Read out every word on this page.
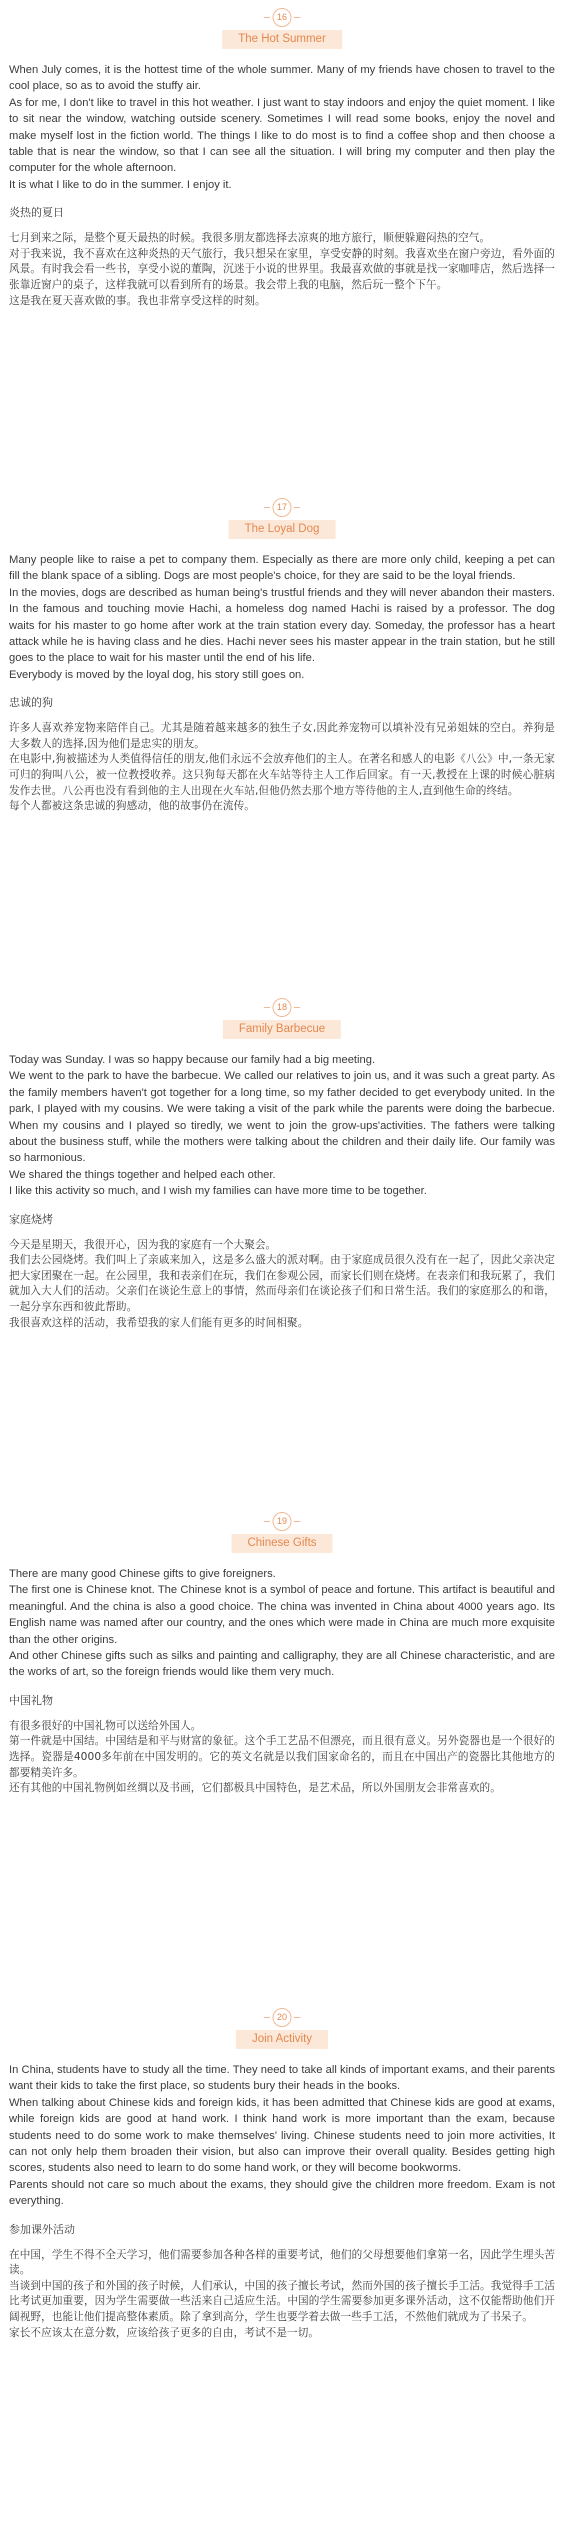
16
The Hot Summer

When July comes, it is the hottest time of the whole summer. Many of my friends have chosen to travel to the cool place, so as to avoid the stuffy air.

As for me, I don't like to travel in this hot weather. I just want to stay indoors and enjoy the quiet moment. I like to sit near the window, watching outside scenery. Sometimes I will read some books, enjoy the novel and make myself lost in the fiction world. The things I like to do most is to find a coffee shop and then choose a table that is near the window, so that I can see all the situation. I will bring my computer and then play the computer for the whole afternoon.

It is what I like to do in the summer. I enjoy it.

炎热的夏日

七月到来之际，是整个夏天最热的时候。我很多朋友都选择去凉爽的地方旅行，顺便躲避闷热的空气。

对于我来说，我不喜欢在这种炎热的天气旅行，我只想呆在家里，享受安静的时刻。我喜欢坐在窗户旁边，看外面的风景。有时我会看一些书，享受小说的董陶，沉迷于小说的世界里。我最喜欢做的事就是找一家咖啡店，然后选择一张靠近窗户的桌子，这样我就可以看到所有的场景。我会带上我的电脑，然后玩一整个下午。

这是我在夏天喜欢做的事。我也非常享受这样的时刻。

17
The Loyal Dog

Many people like to raise a pet to company them. Especially as there are more only child, keeping a pet can fill the blank space of a sibling. Dogs are most people's choice, for they are said to be the loyal friends.

In the movies, dogs are described as human being's trustful friends and they will never abandon their masters. In the famous and touching movie Hachi, a homeless dog named Hachi is raised by a professor. The dog waits for his master to go home after work at the train station every day. Someday, the professor has a heart attack while he is having class and he dies. Hachi never sees his master appear in the train station, but he still goes to the place to wait for his master until the end of his life.

Everybody is moved by the loyal dog, his story still goes on.

忠诚的狗

许多人喜欢养宠物来陪伴自己。尤其是随着越来越多的独生子女,因此养宠物可以填补没有兄弟姐妹的空白。养狗是大多数人的选择,因为他们是忠实的朋友。

在电影中,狗被描述为人类值得信任的朋友,他们永远不会放弃他们的主人。在著名和感人的电影《八公》中,一条无家可归的狗叫八公，被一位教授收养。这只狗每天都在火车站等待主人工作后回家。有一天,教授在上课的时候心脏病发作去世。八公再也没有看到他的主人出现在火车站,但他仍然去那个地方等待他的主人,直到他生命的终结。

每个人都被这条忠诚的狗感动，他的故事仍在流传。

18
Family Barbecue

Today was Sunday. I was so happy because our family had a big meeting.

We went to the park to have the barbecue. We called our relatives to join us, and it was such a great party. As the family members haven't got together for a long time, so my father decided to get everybody united. In the park, I played with my cousins. We were taking a visit of the park while the parents were doing the barbecue. When my cousins and I played so tiredly, we went to join the grow-ups'activities. The fathers were talking about the business stuff, while the mothers were talking about the children and their daily life. Our family was so harmonious.

We shared the things together and helped each other.

I like this activity so much, and I wish my families can have more time to be together.

家庭烧烤

今天是星期天，我很开心，因为我的家庭有一个大聚会。

我们去公园烧烤。我们叫上了亲戚来加入，这是多么盛大的派对啊。由于家庭成员很久没有在一起了，因此父亲决定把大家团聚在一起。在公园里，我和表亲们在玩，我们在参观公园，而家长们则在烧烤。在表亲们和我玩累了，我们就加入大人们的活动。父亲们在谈论生意上的事情，然而母亲们在谈论孩子们和日常生活。我们的家庭那么的和谐，一起分享东西和彼此帮助。

我很喜欢这样的活动，我希望我的家人们能有更多的时间相聚。

19
Chinese Gifts

There are many good Chinese gifts to give foreigners.

The first one is Chinese knot. The Chinese knot is a symbol of peace and fortune. This artifact is beautiful and meaningful. And the china is also a good choice. The china was invented in China about 4000 years ago. Its English name was named after our country, and the ones which were made in China are much more exquisite than the other origins.

And other Chinese gifts such as silks and painting and calligraphy, they are all Chinese characteristic, and are the works of art, so the foreign friends would like them very much.

中国礼物

有很多很好的中国礼物可以送给外国人。

第一件就是中国结。中国结是和平与财富的象征。这个手工艺品不但漂亮，而且很有意义。另外瓷器也是一个很好的选择。瓷器是4000多年前在中国发明的。它的英文名就是以我们国家命名的，而且在中国出产的瓷器比其他地方的都要精美许多。

还有其他的中国礼物例如丝绸以及书画，它们都极具中国特色，是艺术品，所以外国朋友会非常喜欢的。

20
Join Activity

In China, students have to study all the time. They need to take all kinds of important exams, and their parents want their kids to take the first place, so students bury their heads in the books.

When talking about Chinese kids and foreign kids, it has been admitted that Chinese kids are good at exams, while foreign kids are good at hand work. I think hand work is more important than the exam, because students need to do some work to make themselves' living. Chinese students need to join more activities, It can not only help them broaden their vision, but also can improve their overall quality. Besides getting high scores, students also need to learn to do some hand work, or they will become bookworms.

Parents should not care so much about the exams, they should give the children more freedom. Exam is not everything.

参加课外活动

在中国，学生不得不全天学习，他们需要参加各种各样的重要考试，他们的父母想要他们拿第一名，因此学生埋头苦读。

当谈到中国的孩子和外国的孩子时候，人们承认，中国的孩子擅长考试，然而外国的孩子擅长手工活。我觉得手工活比考试更加重要，因为学生需要做一些活来自己适应生活。中国的学生需要参加更多课外活动，这不仅能帮助他们开阔视野，也能让他们提高整体素质。除了拿到高分，学生也要学着去做一些手工活，不然他们就成为了书呆子。

家长不应该太在意分数，应该给孩子更多的自由，考试不是一切。
